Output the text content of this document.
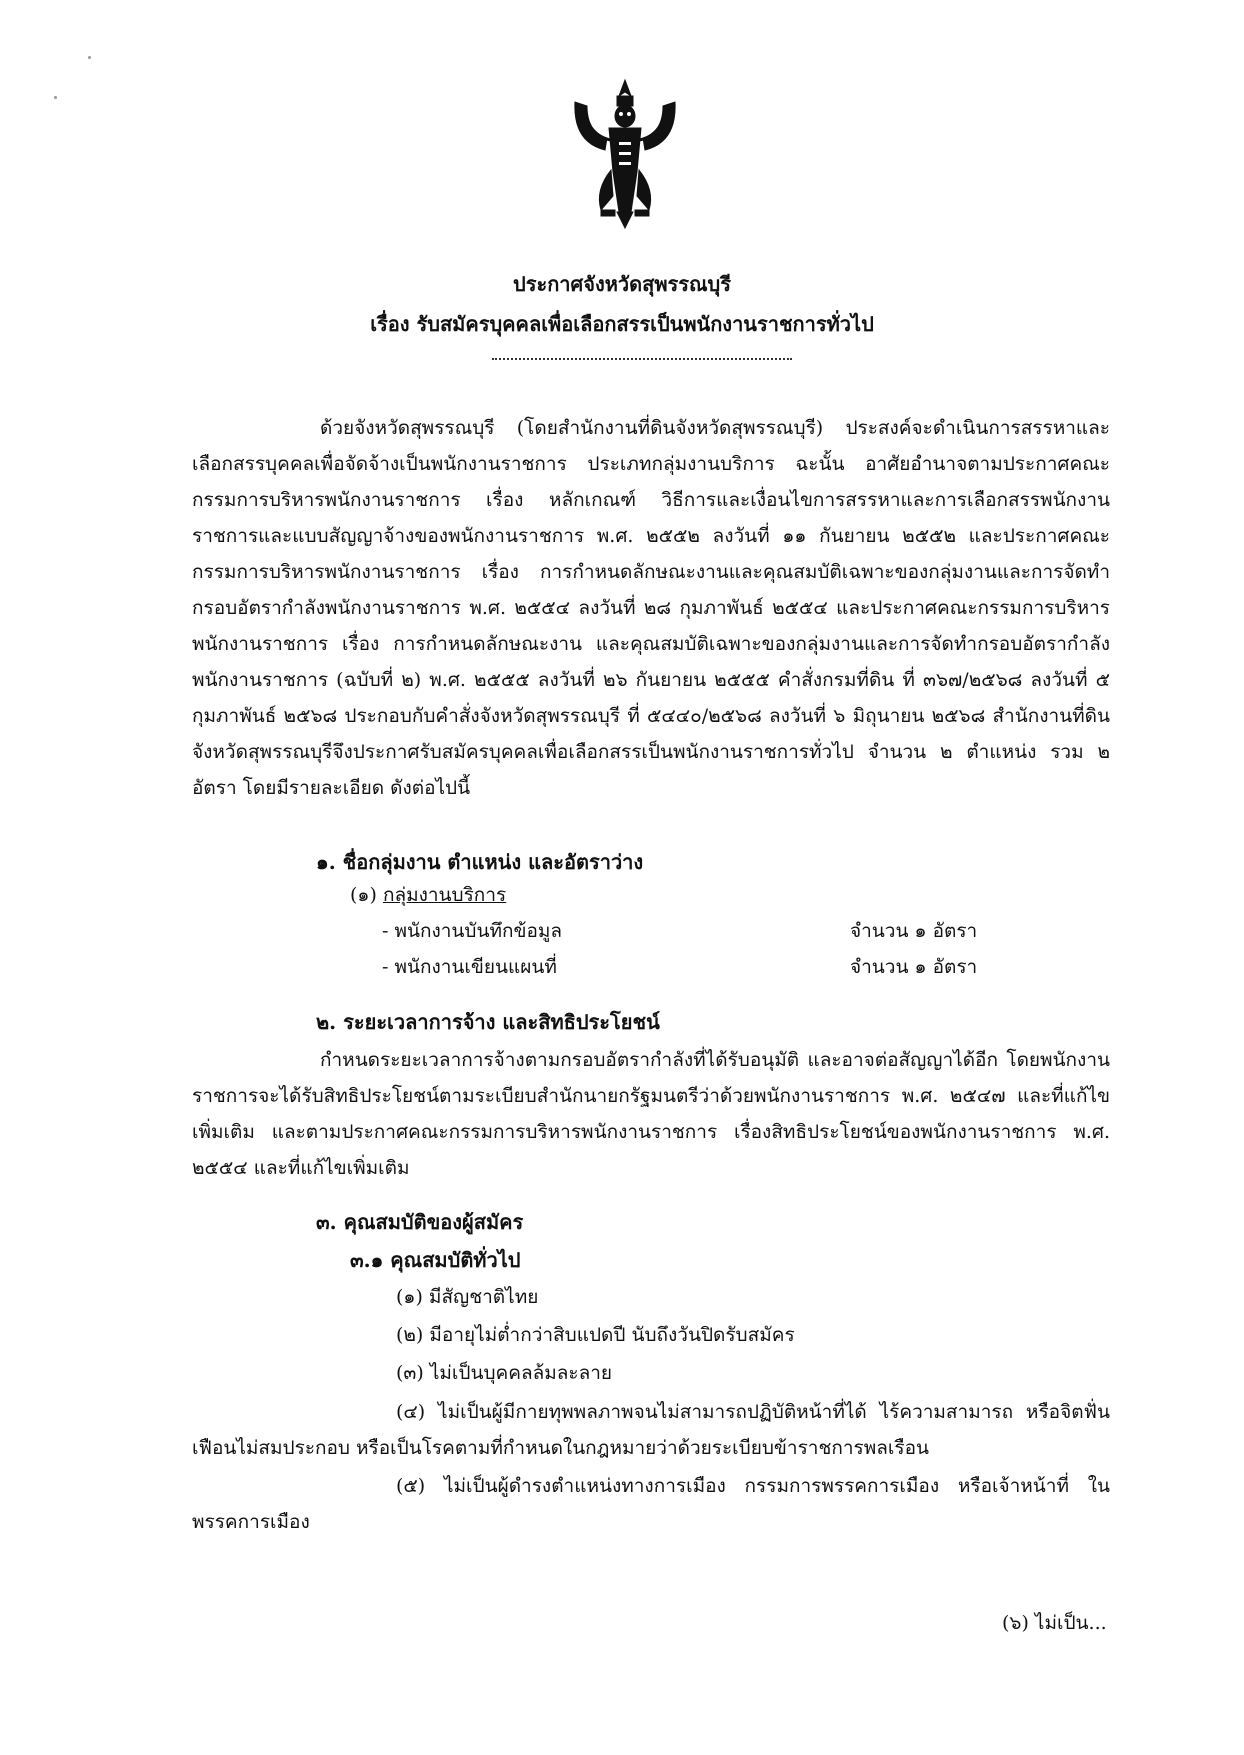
ประกาศจังหวัดสุพรรณบุรี
เรื่อง รับสมัครบุคคลเพื่อเลือกสรรเป็นพนักงานราชการทั่วไป
ด้วยจังหวัดสุพรรณบุรี (โดยสำนักงานที่ดินจังหวัดสุพรรณบุรี) ประสงค์จะดำเนินการสรรหาและเลือกสรรบุคคลเพื่อจัดจ้างเป็นพนักงานราชการ ประเภทกลุ่มงานบริการ ฉะนั้น อาศัยอำนาจตามประกาศคณะกรรมการบริหารพนักงานราชการ เรื่อง หลักเกณฑ์ วิธีการและเงื่อนไขการสรรหาและการเลือกสรรพนักงานราชการและแบบสัญญาจ้างของพนักงานราชการ พ.ศ. ๒๕๕๒ ลงวันที่ ๑๑ กันยายน ๒๕๕๒ และประกาศคณะกรรมการบริหารพนักงานราชการ เรื่อง การกำหนดลักษณะงานและคุณสมบัติเฉพาะของกลุ่มงานและการจัดทำกรอบอัตรากำลังพนักงานราชการ พ.ศ. ๒๕๕๔ ลงวันที่ ๒๘ กุมภาพันธ์ ๒๕๕๔ และประกาศคณะกรรมการบริหารพนักงานราชการ เรื่อง การกำหนดลักษณะงาน และคุณสมบัติเฉพาะของกลุ่มงานและการจัดทำกรอบอัตรากำลังพนักงานราชการ (ฉบับที่ ๒) พ.ศ. ๒๕๕๕ ลงวันที่ ๒๖ กันยายน ๒๕๕๕ คำสั่งกรมที่ดิน ที่ ๓๖๗/๒๕๖๘ ลงวันที่ ๕ กุมภาพันธ์ ๒๕๖๘ ประกอบกับคำสั่งจังหวัดสุพรรณบุรี ที่ ๕๔๔๐/๒๕๖๘ ลงวันที่ ๖ มิถุนายน ๒๕๖๘ สำนักงานที่ดินจังหวัดสุพรรณบุรีจึงประกาศรับสมัครบุคคลเพื่อเลือกสรรเป็นพนักงานราชการทั่วไป จำนวน ๒ ตำแหน่ง รวม ๒ อัตรา โดยมีรายละเอียด ดังต่อไปนี้
๑. ชื่อกลุ่มงาน ตำแหน่ง และอัตราว่าง
(๑) กลุ่มงานบริการ
- พนักงานบันทึกข้อมูล	จำนวน ๑ อัตรา
- พนักงานเขียนแผนที่	จำนวน ๑ อัตรา
๒. ระยะเวลาการจ้าง และสิทธิประโยชน์
กำหนดระยะเวลาการจ้างตามกรอบอัตรากำลังที่ได้รับอนุมัติ และอาจต่อสัญญาได้อีก โดยพนักงานราชการจะได้รับสิทธิประโยชน์ตามระเบียบสำนักนายกรัฐมนตรีว่าด้วยพนักงานราชการ พ.ศ. ๒๕๔๗ และที่แก้ไขเพิ่มเติม และตามประกาศคณะกรรมการบริหารพนักงานราชการ เรื่องสิทธิประโยชน์ของพนักงานราชการ พ.ศ. ๒๕๕๔ และที่แก้ไขเพิ่มเติม
๓. คุณสมบัติของผู้สมัคร
๓.๑ คุณสมบัติทั่วไป
(๑) มีสัญชาติไทย
(๒) มีอายุไม่ต่ำกว่าสิบแปดปี นับถึงวันปิดรับสมัคร
(๓) ไม่เป็นบุคคลล้มละลาย
(๔) ไม่เป็นผู้มีกายทุพพลภาพจนไม่สามารถปฏิบัติหน้าที่ได้ ไร้ความสามารถ หรือจิตฟั่นเฟือนไม่สมประกอบ หรือเป็นโรคตามที่กำหนดในกฎหมายว่าด้วยระเบียบข้าราชการพลเรือน
(๕) ไม่เป็นผู้ดำรงตำแหน่งทางการเมือง กรรมการพรรคการเมือง หรือเจ้าหน้าที่ ในพรรคการเมือง
(๖) ไม่เป็น...
